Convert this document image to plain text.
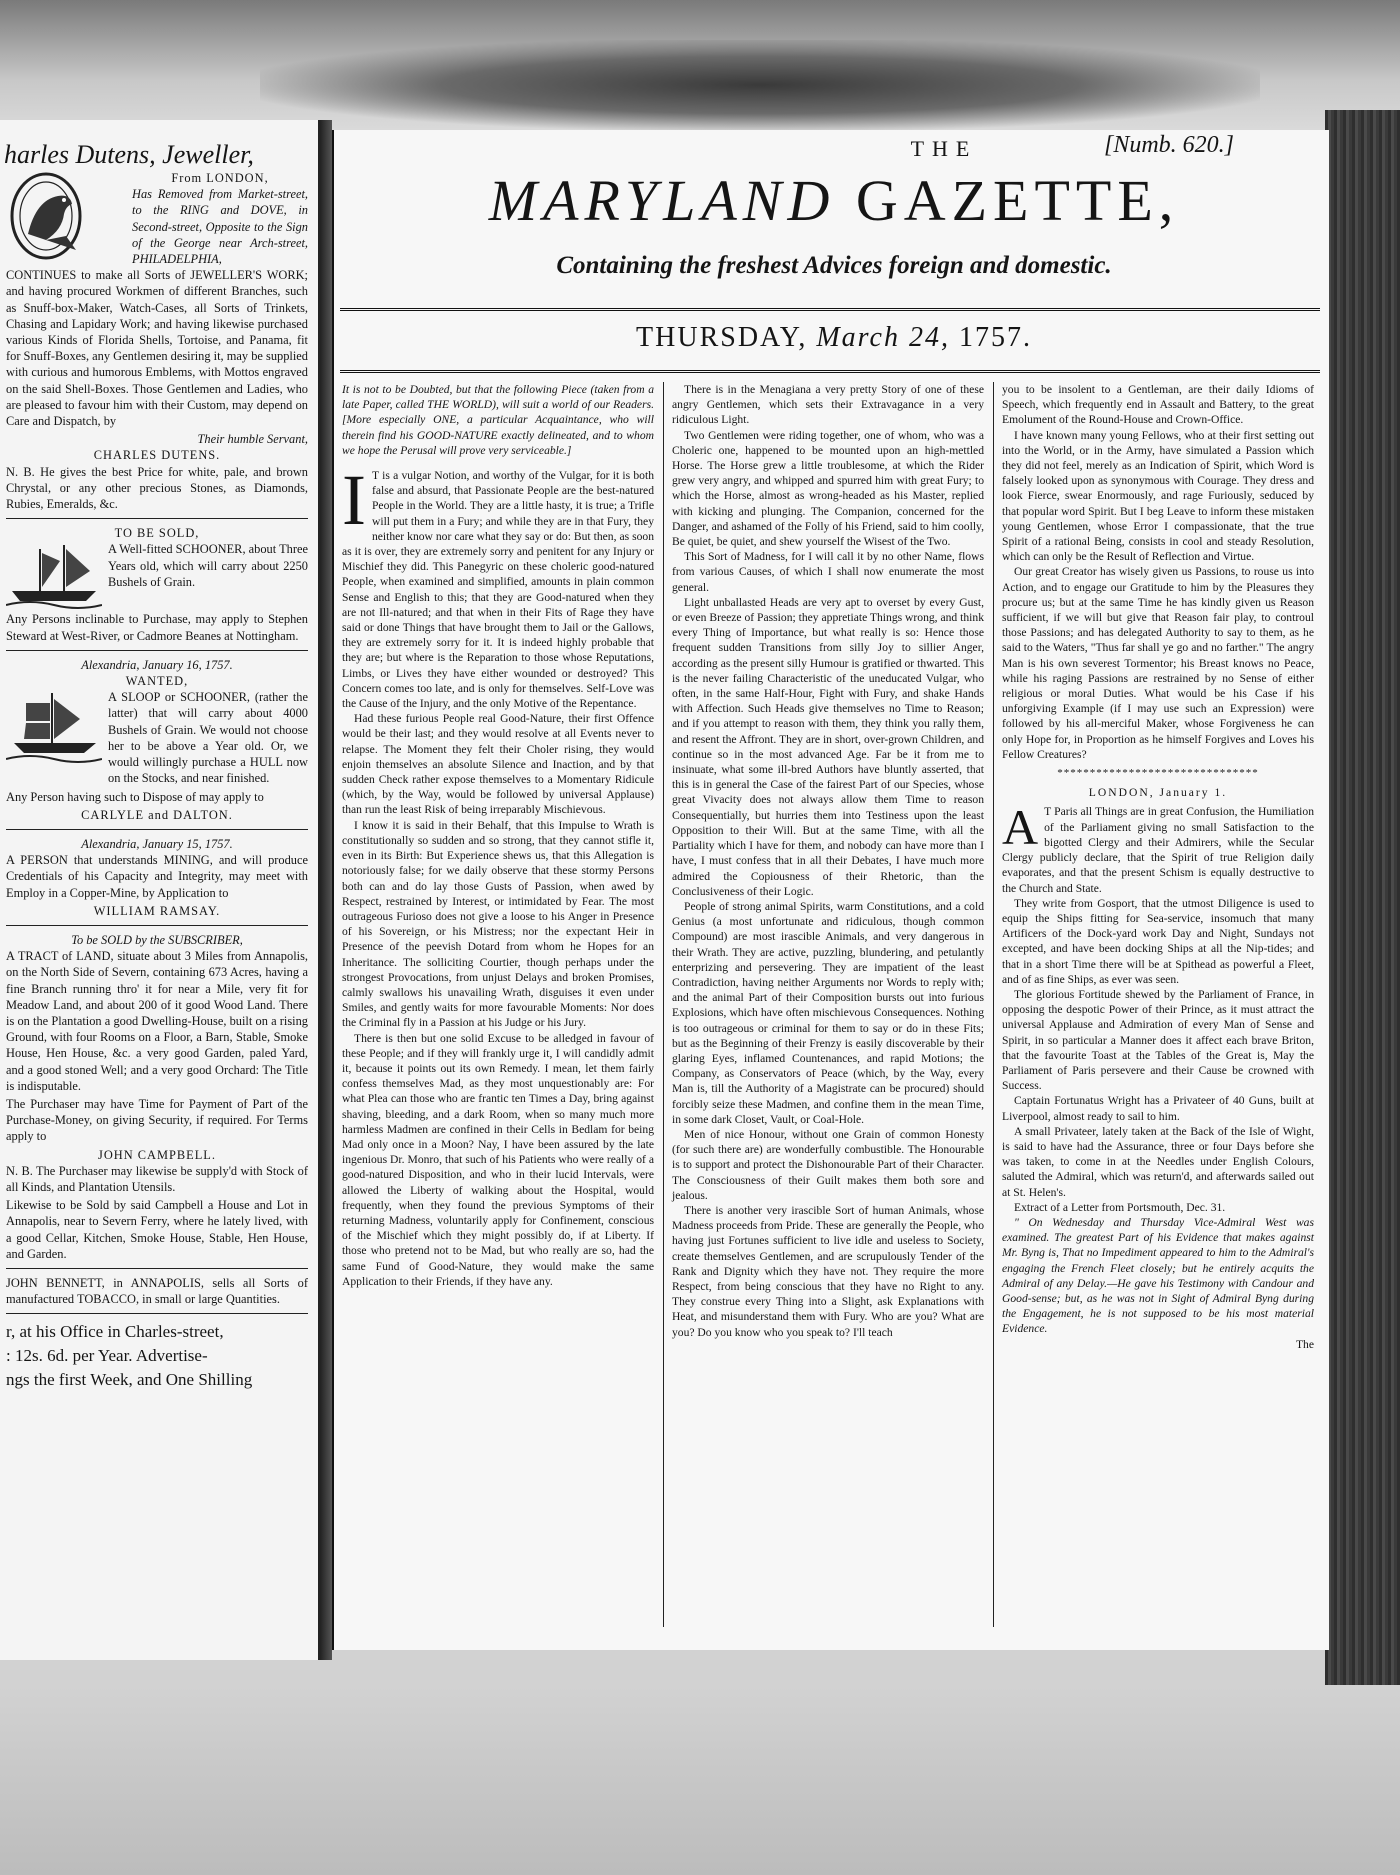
harles Dutens, Jeweller,
From LONDON,
Has Removed from Market-street, to the RING and DOVE, in Second-street, Opposite to the Sign of the George near Arch-street, PHILADELPHIA,

CONTINUES to make all Sorts of JEWELLER'S WORK; and having procured Workmen of different Branches, such as Snuff-box-Maker, Watch-Cases, all Sorts of Trinkets, Chasing and Lapidary Work; and having likewise purchased various Kinds of Florida Shells, Tortoise, and Panama, fit for Snuff-Boxes, any Gentlemen desiring it, may be supplied with curious and humorous Emblems, with Mottos engraved on the said Shell-Boxes. Those Gentlemen and Ladies, who are pleased to favour him with their Custom, may depend on Care and Dispatch, by

Their humble Servant,
CHARLES DUTENS.

N. B. He gives the best Price for white, pale, and brown Chrystal, or any other precious Stones, as Diamonds, Rubies, Emeralds, &c.

TO BE SOLD,

A Well-fitted SCHOONER, about Three Years old, which will carry about 2250 Bushels of Grain.

Any Persons inclinable to Purchase, may apply to Stephen Steward at West-River, or Cadmore Beanes at Nottingham.

Alexandria, January 16, 1757.
WANTED,

A SLOOP or SCHOONER, (rather the latter) that will carry about 4000 Bushels of Grain. We would not choose her to be above a Year old. Or, we would willingly purchase a HULL now on the Stocks, and near finished.

Any Person having such to Dispose of may apply to

CARLYLE and DALTON.
Alexandria, January 15, 1757.

A PERSON that understands MINING, and will produce Credentials of his Capacity and Integrity, may meet with Employ in a Copper-Mine, by Application to

WILLIAM RAMSAY.
To be SOLD by the SUBSCRIBER,

A TRACT of LAND, situate about 3 Miles from Annapolis, on the North Side of Severn, containing 673 Acres, having a fine Branch running thro' it for near a Mile, very fit for Meadow Land, and about 200 of it good Wood Land. There is on the Plantation a good Dwelling-House, built on a rising Ground, with four Rooms on a Floor, a Barn, Stable, Smoke House, Hen House, &c. a very good Garden, paled Yard, and a good stoned Well; and a very good Orchard: The Title is indisputable.

The Purchaser may have Time for Payment of Part of the Purchase-Money, on giving Security, if required. For Terms apply to

JOHN CAMPBELL.

N. B. The Purchaser may likewise be supply'd with Stock of all Kinds, and Plantation Utensils.

Likewise to be Sold by said Campbell a House and Lot in Annapolis, near to Severn Ferry, where he lately lived, with a good Cellar, Kitchen, Smoke House, Stable, Hen House, and Garden.

JOHN BENNETT, in ANNAPOLIS, sells all Sorts of manufactured TOBACCO, in small or large Quantities.

r, at his Office in Charles-street,
: 12s. 6d. per Year. Advertise-
ngs the first Week, and One Shilling
THE	[Numb. 620.]
MARYLAND GAZETTE,
Containing the freshest Advices foreign and domestic.
THURSDAY, March 24, 1757.

It is not to be Doubted, but that the following Piece (taken from a late Paper, called THE WORLD), will suit a world of our Readers. [More especially ONE, a particular Acquaintance, who will therein find his GOOD-NATURE exactly delineated, and to whom we hope the Perusal will prove very serviceable.]

I T is a vulgar Notion, and worthy of the Vulgar, for it is both false and absurd, that Passionate People are the best-natured People in the World. They are a little hasty, it is true; a Trifle will put them in a Fury; and while they are in that Fury, they neither know nor care what they say or do: But then, as soon as it is over, they are extremely sorry and penitent for any Injury or Mischief they did. This Panegyric on these choleric good-natured People, when examined and simplified, amounts in plain common Sense and English to this; that they are Good-natured when they are not Ill-natured; and that when in their Fits of Rage they have said or done Things that have brought them to Jail or the Gallows, they are extremely sorry for it. It is indeed highly probable that they are; but where is the Reparation to those whose Reputations, Limbs, or Lives they have either wounded or destroyed? This Concern comes too late, and is only for themselves. Self-Love was the Cause of the Injury, and the only Motive of the Repentance.

Had these furious People real Good-Nature, their first Offence would be their last; and they would resolve at all Events never to relapse. The Moment they felt their Choler rising, they would enjoin themselves an absolute Silence and Inaction, and by that sudden Check rather expose themselves to a Momentary Ridicule (which, by the Way, would be followed by universal Applause) than run the least Risk of being irreparably Mischievous.

I know it is said in their Behalf, that this Impulse to Wrath is constitutionally so sudden and so strong, that they cannot stifle it, even in its Birth: But Experience shews us, that this Allegation is notoriously false; for we daily observe that these stormy Persons both can and do lay those Gusts of Passion, when awed by Respect, restrained by Interest, or intimidated by Fear. The most outrageous Furioso does not give a loose to his Anger in Presence of his Sovereign, or his Mistress; nor the expectant Heir in Presence of the peevish Dotard from whom he Hopes for an Inheritance. The solliciting Courtier, though perhaps under the strongest Provocations, from unjust Delays and broken Promises, calmly swallows his unavailing Wrath, disguises it even under Smiles, and gently waits for more favourable Moments: Nor does the Criminal fly in a Passion at his Judge or his Jury.

There is then but one solid Excuse to be alledged in favour of these People; and if they will frankly urge it, I will candidly admit it, because it points out its own Remedy. I mean, let them fairly confess themselves Mad, as they most unquestionably are: For what Plea can those who are frantic ten Times a Day, bring against shaving, bleeding, and a dark Room, when so many much more harmless Madmen are confined in their Cells in Bedlam for being Mad only once in a Moon? Nay, I have been assured by the late ingenious Dr. Monro, that such of his Patients who were really of a good-natured Disposition, and who in their lucid Intervals, were allowed the Liberty of walking about the Hospital, would frequently, when they found the previous Symptoms of their returning Madness, voluntarily apply for Confinement, conscious of the Mischief which they might possibly do, if at Liberty. If those who pretend not to be Mad, but who really are so, had the same Fund of Good-Nature, they would make the same Application to their Friends, if they have any.

There is in the Menagiana a very pretty Story of one of these angry Gentlemen, which sets their Extravagance in a very ridiculous Light.

Two Gentlemen were riding together, one of whom, who was a Choleric one, happened to be mounted upon an high-mettled Horse. The Horse grew a little troublesome, at which the Rider grew very angry, and whipped and spurred him with great Fury; to which the Horse, almost as wrong-headed as his Master, replied with kicking and plunging. The Companion, concerned for the Danger, and ashamed of the Folly of his Friend, said to him coolly, Be quiet, be quiet, and shew yourself the Wisest of the Two.

This Sort of Madness, for I will call it by no other Name, flows from various Causes, of which I shall now enumerate the most general.

Light unballasted Heads are very apt to overset by every Gust, or even Breeze of Passion; they appretiate Things wrong, and think every Thing of Importance, but what really is so: Hence those frequent sudden Transitions from silly Joy to sillier Anger, according as the present silly Humour is gratified or thwarted. This is the never failing Characteristic of the uneducated Vulgar, who often, in the same Half-Hour, Fight with Fury, and shake Hands with Affection. Such Heads give themselves no Time to Reason; and if you attempt to reason with them, they think you rally them, and resent the Affront. They are in short, over-grown Children, and continue so in the most advanced Age. Far be it from me to insinuate, what some ill-bred Authors have bluntly asserted, that this is in general the Case of the fairest Part of our Species, whose great Vivacity does not always allow them Time to reason Consequentially, but hurries them into Testiness upon the least Opposition to their Will. But at the same Time, with all the Partiality which I have for them, and nobody can have more than I have, I must confess that in all their Debates, I have much more admired the Copiousness of their Rhetoric, than the Conclusiveness of their Logic.

People of strong animal Spirits, warm Constitutions, and a cold Genius (a most unfortunate and ridiculous, though common Compound) are most irascible Animals, and very dangerous in their Wrath. They are active, puzzling, blundering, and petulantly enterprizing and persevering. They are impatient of the least Contradiction, having neither Arguments nor Words to reply with; and the animal Part of their Composition bursts out into furious Explosions, which have often mischievous Consequences. Nothing is too outrageous or criminal for them to say or do in these Fits; but as the Beginning of their Frenzy is easily discoverable by their glaring Eyes, inflamed Countenances, and rapid Motions; the Company, as Conservators of Peace (which, by the Way, every Man is, till the Authority of a Magistrate can be procured) should forcibly seize these Madmen, and confine them in the mean Time, in some dark Closet, Vault, or Coal-Hole.

Men of nice Honour, without one Grain of common Honesty (for such there are) are wonderfully combustible. The Honourable is to support and protect the Dishonourable Part of their Character. The Consciousness of their Guilt makes them both sore and jealous.

There is another very irascible Sort of human Animals, whose Madness proceeds from Pride. These are generally the People, who having just Fortunes sufficient to live idle and useless to Society, create themselves Gentlemen, and are scrupulously Tender of the Rank and Dignity which they have not. They require the more Respect, from being conscious that they have no Right to any. They construe every Thing into a Slight, ask Explanations with Heat, and misunderstand them with Fury. Who are you? What are you? Do you know who you speak to? I'll teach

you to be insolent to a Gentleman, are their daily Idioms of Speech, which frequently end in Assault and Battery, to the great Emolument of the Round-House and Crown-Office.

I have known many young Fellows, who at their first setting out into the World, or in the Army, have simulated a Passion which they did not feel, merely as an Indication of Spirit, which Word is falsely looked upon as synonymous with Courage. They dress and look Fierce, swear Enormously, and rage Furiously, seduced by that popular word Spirit. But I beg Leave to inform these mistaken young Gentlemen, whose Error I compassionate, that the true Spirit of a rational Being, consists in cool and steady Resolution, which can only be the Result of Reflection and Virtue.

Our great Creator has wisely given us Passions, to rouse us into Action, and to engage our Gratitude to him by the Pleasures they procure us; but at the same Time he has kindly given us Reason sufficient, if we will but give that Reason fair play, to controul those Passions; and has delegated Authority to say to them, as he said to the Waters, "Thus far shall ye go and no farther." The angry Man is his own severest Tormentor; his Breast knows no Peace, while his raging Passions are restrained by no Sense of either religious or moral Duties. What would be his Case if his unforgiving Example (if I may use such an Expression) were followed by his all-merciful Maker, whose Forgiveness he can only Hope for, in Proportion as he himself Forgives and Loves his Fellow Creatures?

*******************************
LONDON, January 1.
A T Paris all Things are in great Confusion, the Humiliation of the Parliament giving no small Satisfaction to the bigotted Clergy and their Admirers, while the Secular Clergy publicly declare, that the Spirit of true Religion daily evaporates, and that the present Schism is equally destructive to the Church and State.

They write from Gosport, that the utmost Diligence is used to equip the Ships fitting for Sea-service, insomuch that many Artificers of the Dock-yard work Day and Night, Sundays not excepted, and have been docking Ships at all the Nip-tides; and that in a short Time there will be at Spithead as powerful a Fleet, and of as fine Ships, as ever was seen.

The glorious Fortitude shewed by the Parliament of France, in opposing the despotic Power of their Prince, as it must attract the universal Applause and Admiration of every Man of Sense and Spirit, in so particular a Manner does it affect each brave Briton, that the favourite Toast at the Tables of the Great is, May the Parliament of Paris persevere and their Cause be crowned with Success.

Captain Fortunatus Wright has a Privateer of 40 Guns, built at Liverpool, almost ready to sail to him.

A small Privateer, lately taken at the Back of the Isle of Wight, is said to have had the Assurance, three or four Days before she was taken, to come in at the Needles under English Colours, saluted the Admiral, which was return'd, and afterwards sailed out at St. Helen's.

Extract of a Letter from Portsmouth, Dec. 31.

" On Wednesday and Thursday Vice-Admiral West was examined. The greatest Part of his Evidence that makes against Mr. Byng is, That no Impediment appeared to him to the Admiral's engaging the French Fleet closely; but he entirely acquits the Admiral of any Delay.—He gave his Testimony with Candour and Good-sense; but, as he was not in Sight of Admiral Byng during the Engagement, he is not supposed to be his most material Evidence.

The
